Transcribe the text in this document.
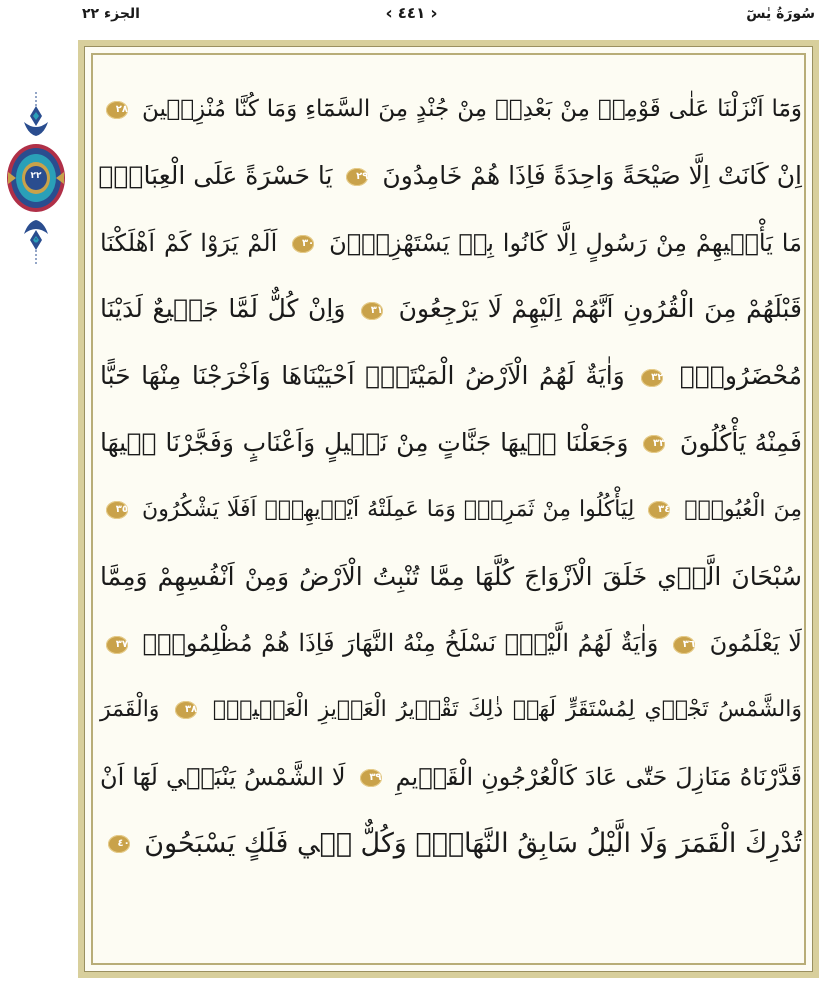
الجزء ٢٢	‹ ٤٤١ ›	سُورَةُ يٰسٓ
٢٢
وَمَٓا اَنْزَلْنَا عَلٰى قَوْمِه۪ مِنْ بَعْدِه۪ مِنْ جُنْدٍ مِنَ السَّمَٓاءِ وَمَا كُنَّا مُنْزِل۪ينَ ٢٨
اِنْ كَانَتْ اِلَّا صَيْحَةً وَاحِدَةً فَاِذَا هُمْ خَامِدُونَ ٢٩ يَا حَسْرَةً عَلَى الْعِبَادِۚ
مَا يَأْت۪يهِمْ مِنْ رَسُولٍ اِلَّا كَانُوا بِه۪ يَسْتَهْزِؤُ۫نَ ٣٠ اَلَمْ يَرَوْا كَمْ اَهْلَكْنَا
قَبْلَهُمْ مِنَ الْقُرُونِ اَنَّهُمْ اِلَيْهِمْ لَا يَرْجِعُونَ ٣١ وَاِنْ كُلٌّ لَمَّا جَم۪يعٌ لَدَيْنَا
مُحْضَرُونَ۟ ٣٢ وَاٰيَةٌ لَهُمُ الْاَرْضُ الْمَيْتَةُۚ اَحْيَيْنَاهَا وَاَخْرَجْنَا مِنْهَا حَبًّا
فَمِنْهُ يَأْكُلُونَ ٣٣ وَجَعَلْنَا ف۪يهَا جَنَّاتٍ مِنْ نَخ۪يلٍ وَاَعْنَابٍ وَفَجَّرْنَا ف۪يهَا
مِنَ الْعُيُونِۙ ٣٤ لِيَأْكُلُوا مِنْ ثَمَرِه۪ۙ وَمَا عَمِلَتْهُ اَيْد۪يهِمْۜ اَفَلَا يَشْكُرُونَ ٣٥
سُبْحَانَ الَّذ۪ي خَلَقَ الْاَزْوَاجَ كُلَّهَا مِمَّا تُنْبِتُ الْاَرْضُ وَمِنْ اَنْفُسِهِمْ وَمِمَّا
لَا يَعْلَمُونَ ٣٦ وَاٰيَةٌ لَهُمُ الَّيْلُۚ نَسْلَخُ مِنْهُ النَّهَارَ فَاِذَا هُمْ مُظْلِمُونَۙ ٣٧
وَالشَّمْسُ تَجْر۪ي لِمُسْتَقَرٍّ لَهَاۜ ذٰلِكَ تَقْد۪يرُ الْعَز۪يزِ الْعَل۪يمِۜ ٣٨ وَالْقَمَرَ
قَدَّرْنَاهُ مَنَازِلَ حَتّٰى عَادَ كَالْعُرْجُونِ الْقَد۪يمِ ٣٩ لَا الشَّمْسُ يَنْبَغ۪ي لَهَٓا اَنْ
تُدْرِكَ الْقَمَرَ وَلَا الَّيْلُ سَابِقُ النَّهَارِۜ وَكُلٌّ ف۪ي فَلَكٍ يَسْبَحُونَ ٤٠
